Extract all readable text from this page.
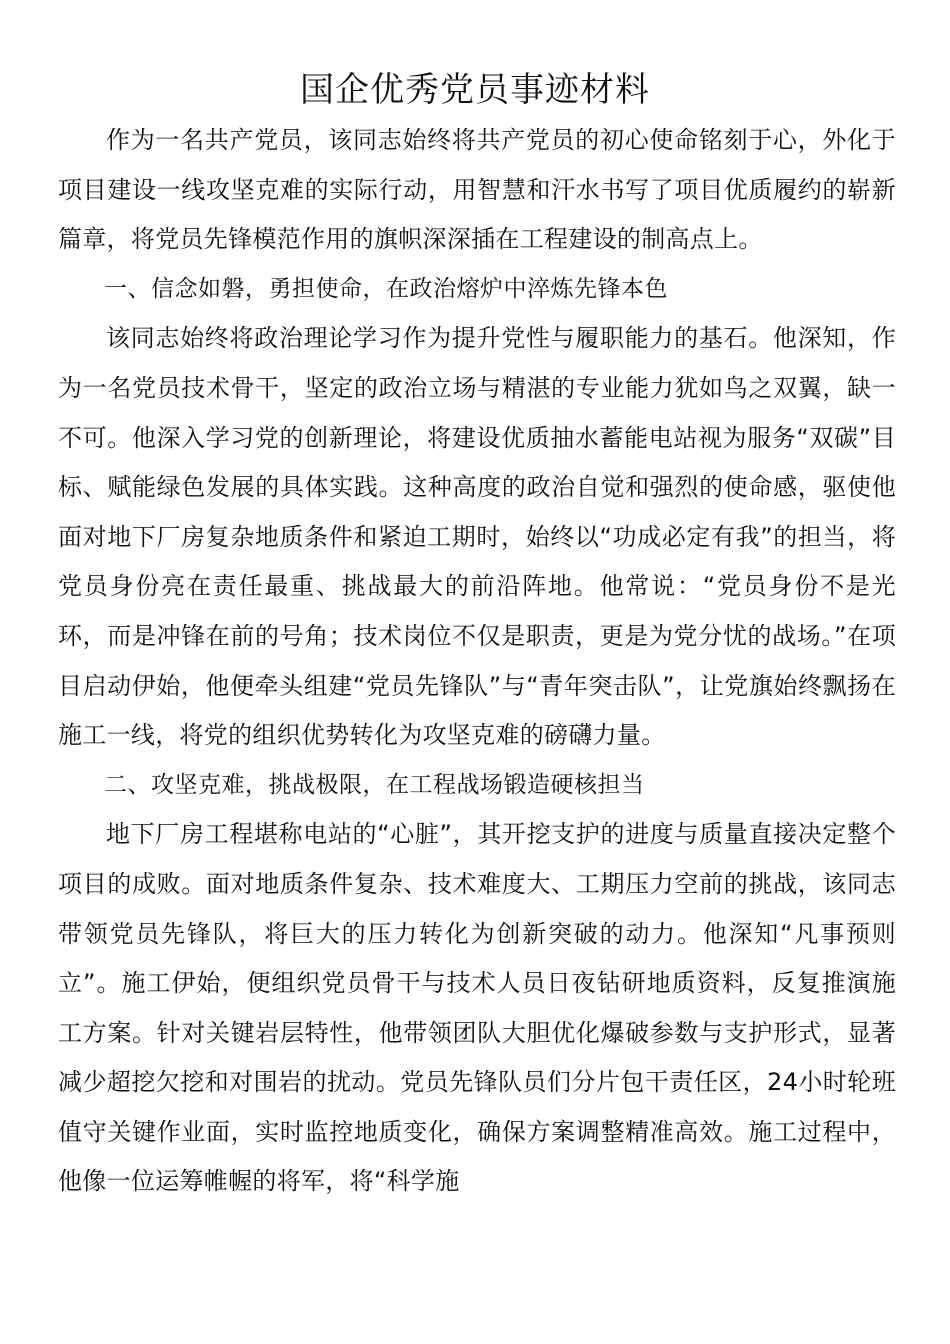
国企优秀党员事迹材料

作为一名共产党员，该同志始终将共产党员的初心使命铭刻于心，外化于项目建设一线攻坚克难的实际行动，用智慧和汗水书写了项目优质履约的崭新篇章，将党员先锋模范作用的旗帜深深插在工程建设的制高点上。

一、信念如磐，勇担使命，在政治熔炉中淬炼先锋本色

该同志始终将政治理论学习作为提升党性与履职能力的基石。他深知，作为一名党员技术骨干，坚定的政治立场与精湛的专业能力犹如鸟之双翼，缺一不可。他深入学习党的创新理论，将建设优质抽水蓄能电站视为服务“双碳”目标、赋能绿色发展的具体实践。这种高度的政治自觉和强烈的使命感，驱使他面对地下厂房复杂地质条件和紧迫工期时，始终以“功成必定有我”的担当，将党员身份亮在责任最重、挑战最大的前沿阵地。他常说：“党员身份不是光环，而是冲锋在前的号角；技术岗位不仅是职责，更是为党分忧的战场。”在项目启动伊始，他便牵头组建“党员先锋队”与“青年突击队”，让党旗始终飘扬在施工一线，将党的组织优势转化为攻坚克难的磅礴力量。

二、攻坚克难，挑战极限，在工程战场锻造硬核担当

地下厂房工程堪称电站的“心脏”，其开挖支护的进度与质量直接决定整个项目的成败。面对地质条件复杂、技术难度大、工期压力空前的挑战，该同志带领党员先锋队，将巨大的压力转化为创新突破的动力。他深知“凡事预则立”。施工伊始，便组织党员骨干与技术人员日夜钻研地质资料，反复推演施工方案。针对关键岩层特性，他带领团队大胆优化爆破参数与支护形式，显著减少超挖欠挖和对围岩的扰动。党员先锋队员们分片包干责任区，24小时轮班值守关键作业面，实时监控地质变化，确保方案调整精准高效。施工过程中，他像一位运筹帷幄的将军，将“科学施
